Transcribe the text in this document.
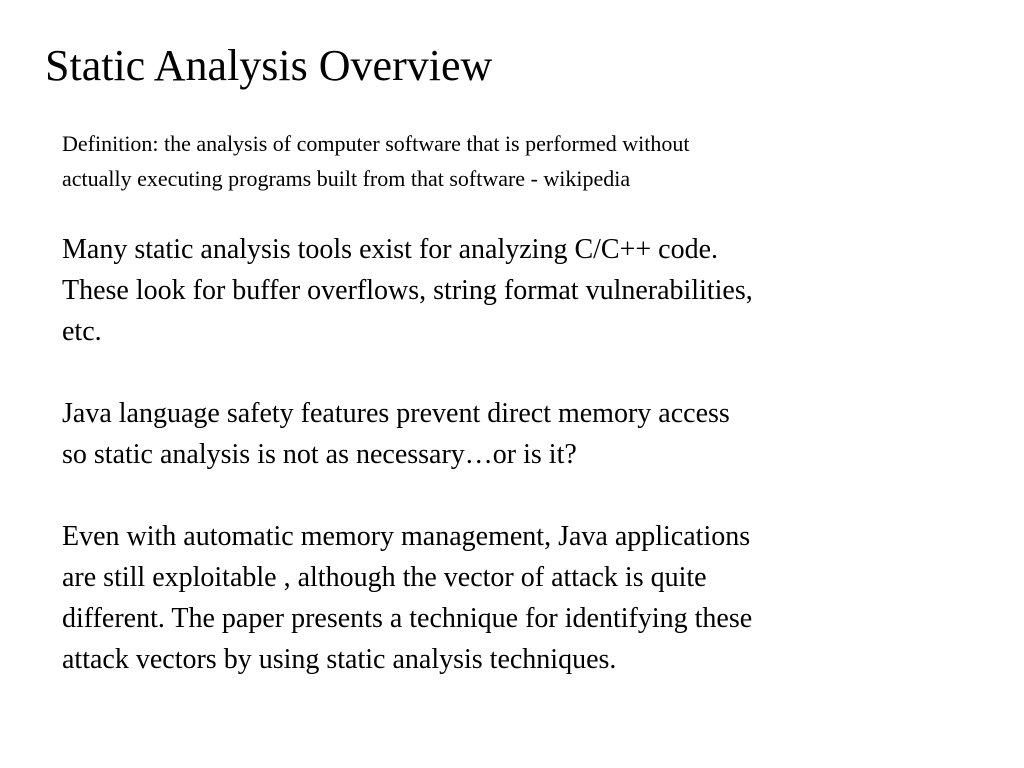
Static Analysis Overview

Definition: the analysis of computer software that is performed without
actually executing programs built from that software - wikipedia

Many static analysis tools exist for analyzing C/C++ code.
These look for buffer overflows, string format vulnerabilities,
etc.

Java language safety features prevent direct memory access
so static analysis is not as necessary…or is it?

Even with automatic memory management, Java applications
are still exploitable , although the vector of attack is quite
different. The paper presents a technique for identifying these
attack vectors by using static analysis techniques.
